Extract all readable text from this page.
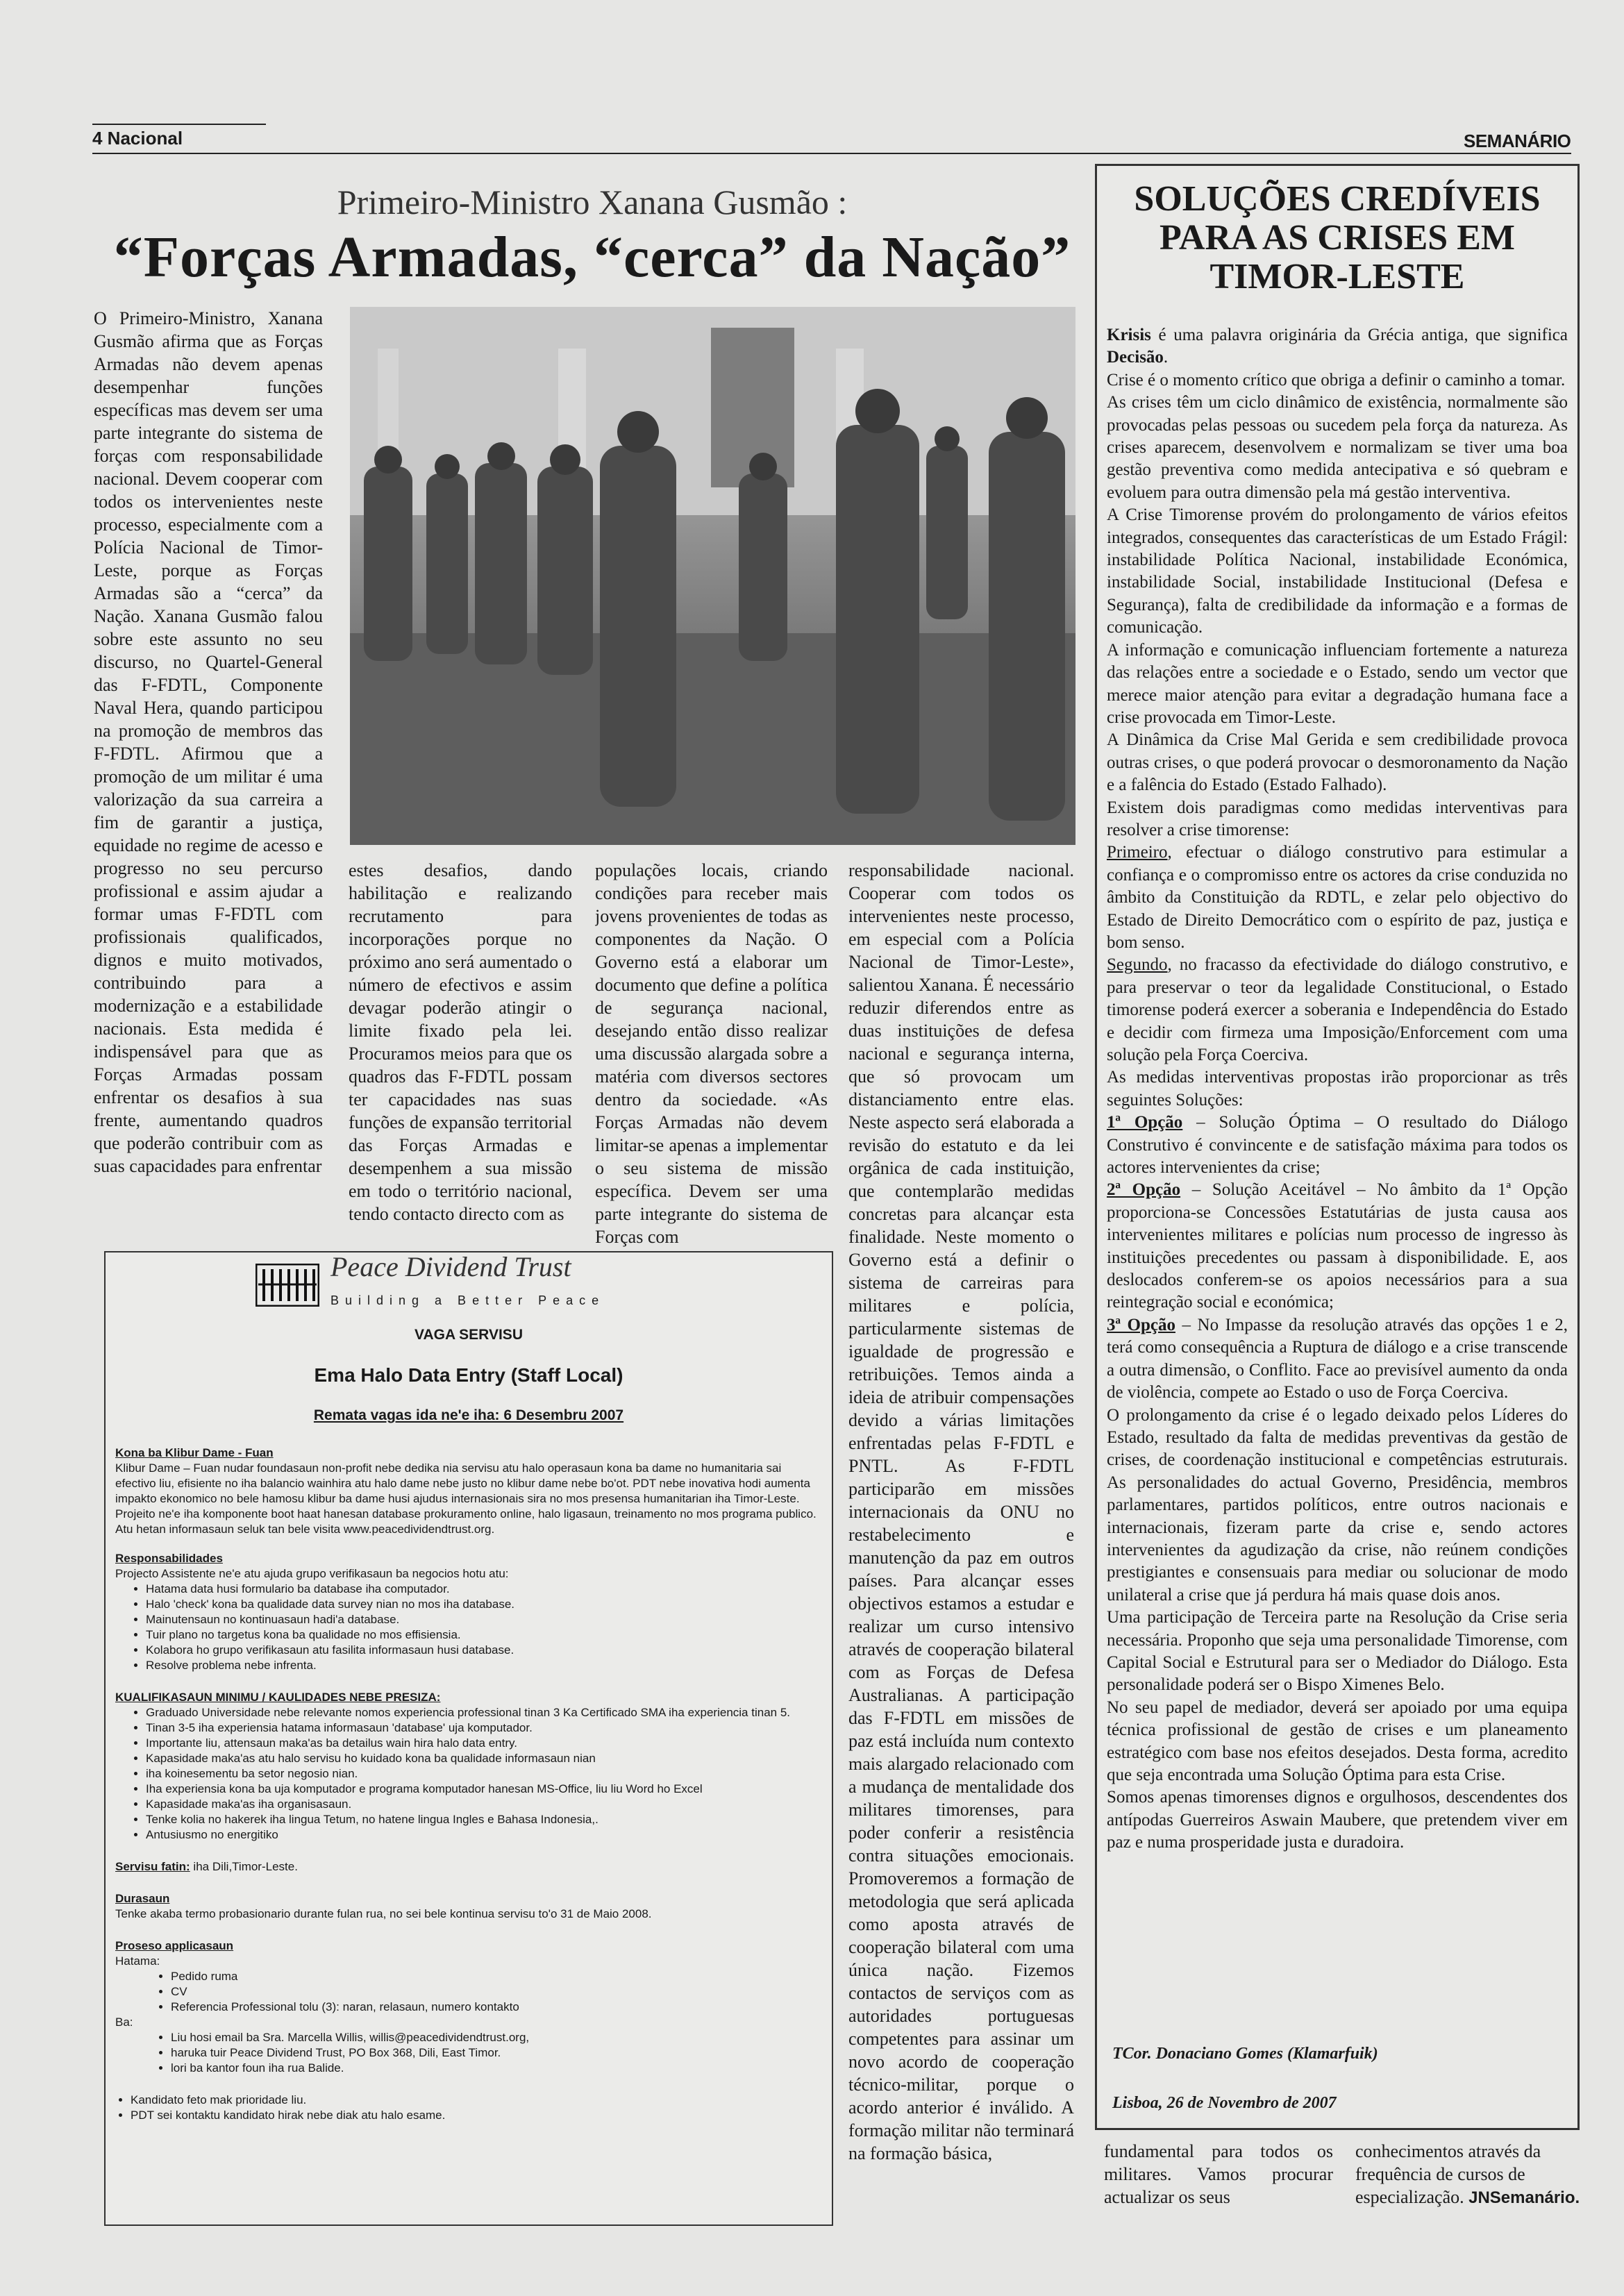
4 Nacional	SEMANÁRIO
Primeiro-Ministro Xanana Gusmão :
“Forças Armadas, “cerca” da Nação”
O Primeiro-Ministro, Xanana Gusmão afirma que as Forças Armadas não devem apenas desempenhar funções específicas mas devem ser uma parte integrante do sistema de forças com responsabilidade nacional. Devem cooperar com todos os intervenientes neste processo, especialmente com a Polícia Nacional de Timor-Leste, porque as Forças Armadas são a “cerca” da Nação. Xanana Gusmão falou sobre este assunto no seu discurso, no Quartel-General das F-FDTL, Componente Naval Hera, quando participou na promoção de membros das F-FDTL. Afirmou que a promoção de um militar é uma valorização da sua carreira a fim de garantir a justiça, equidade no regime de acesso e progresso no seu percurso profissional e assim ajudar a formar umas F-FDTL com profissionais qualificados, dignos e muito motivados, contribuindo para a modernização e a estabilidade nacionais. Esta medida é indispensável para que as Forças Armadas possam enfrentar os desafios à sua frente, aumentando quadros que poderão contribuir com as suas capacidades para enfrentar
estes desafios, dando habilitação e realizando recrutamento para incorporações porque no próximo ano será aumentado o número de efectivos e assim devagar poderão atingir o limite fixado pela lei. Procuramos meios para que os quadros das F-FDTL possam ter capacidades nas suas funções de expansão territorial das Forças Armadas e desempenhem a sua missão em todo o território nacional, tendo contacto directo com as
populações locais, criando condições para receber mais jovens provenientes de todas as componentes da Nação. O Governo está a elaborar um documento que define a política de segurança nacional, desejando então disso realizar uma discussão alargada sobre a matéria com diversos sectores dentro da sociedade. «As Forças Armadas não devem limitar-se apenas a implementar o seu sistema de missão específica. Devem ser uma parte integrante do sistema de Forças com
responsabilidade nacional. Cooperar com todos os intervenientes neste processo, em especial com a Polícia Nacional de Timor-Leste», salientou Xanana. É necessário reduzir diferendos entre as duas instituições de defesa nacional e segurança interna, que só provocam um distanciamento entre elas. Neste aspecto será elaborada a revisão do estatuto e da lei orgânica de cada instituição, que contemplarão medidas concretas para alcançar esta finalidade. Neste momento o Governo está a definir o sistema de carreiras para militares e polícia, particularmente sistemas de igualdade de progressão e retribuições. Temos ainda a ideia de atribuir compensações devido a várias limitações enfrentadas pelas F-FDTL e PNTL. As F-FDTL participarão em missões internacionais da ONU no restabelecimento e manutenção da paz em outros países. Para alcançar esses objectivos estamos a estudar e realizar um curso intensivo através de cooperação bilateral com as Forças de Defesa Australianas. A participação das F-FDTL em missões de paz está incluída num contexto mais alargado relacionado com a mudança de mentalidade dos militares timorenses, para poder conferir a resistência contra situações emocionais. Promoveremos a formação de metodologia que será aplicada como aposta através de cooperação bilateral com uma única nação. Fizemos contactos de serviços com as autoridades portuguesas competentes para assinar um novo acordo de cooperação técnico-militar, porque o acordo anterior é inválido. A formação militar não terminará na formação básica,	fundamental para todos os militares. Vamos procurar actualizar os seus
conhecimentos através da frequência de cursos de especialização. JNSemanário.
SOLUÇÕES CREDÍVEIS
PARA AS CRISES EM
TIMOR-LESTE

Krisis é uma palavra originária da Grécia antiga, que significa Decisão.

Crise é o momento crítico que obriga a definir o caminho a tomar.

As crises têm um ciclo dinâmico de existência, normalmente são provocadas pelas pessoas ou sucedem pela força da natureza. As crises aparecem, desenvolvem e normalizam se tiver uma boa gestão preventiva como medida antecipativa e só quebram e evoluem para outra dimensão pela má gestão interventiva.

A Crise Timorense provém do prolongamento de vários efeitos integrados, consequentes das características de um Estado Frágil: instabilidade Política Nacional, instabilidade Económica, instabilidade Social, instabilidade Institucional (Defesa e Segurança), falta de credibilidade da informação e a formas de comunicação.

A informação e comunicação influenciam fortemente a natureza das relações entre a sociedade e o Estado, sendo um vector que merece maior atenção para evitar a degradação humana face a crise provocada em Timor-Leste.

A Dinâmica da Crise Mal Gerida e sem credibilidade provoca outras crises, o que poderá provocar o desmoronamento da Nação e a falência do Estado (Estado Falhado).

Existem dois paradigmas como medidas interventivas para resolver a crise timorense:

Primeiro, efectuar o diálogo construtivo para estimular a confiança e o compromisso entre os actores da crise conduzida no âmbito da Constituição da RDTL, e zelar pelo objectivo do Estado de Direito Democrático com o espírito de paz, justiça e bom senso.

Segundo, no fracasso da efectividade do diálogo construtivo, e para preservar o teor da legalidade Constitucional, o Estado timorense poderá exercer a soberania e Independência do Estado e decidir com firmeza uma Imposição/Enforcement com uma solução pela Força Coerciva.

As medidas interventivas propostas irão proporcionar as três seguintes Soluções:

1ª Opção – Solução Óptima – O resultado do Diálogo Construtivo é convincente e de satisfação máxima para todos os actores intervenientes da crise;

2ª Opção – Solução Aceitável – No âmbito da 1ª Opção proporciona-se Concessões Estatutárias de justa causa aos intervenientes militares e polícias num processo de ingresso às instituições precedentes ou passam à disponibilidade. E, aos deslocados conferem-se os apoios necessários para a sua reintegração social e económica;

3ª Opção – No Impasse da resolução através das opções 1 e 2, terá como consequência a Ruptura de diálogo e a crise transcende a outra dimensão, o Conflito. Face ao previsível aumento da onda de violência, compete ao Estado o uso de Força Coerciva.

O prolongamento da crise é o legado deixado pelos Líderes do Estado, resultado da falta de medidas preventivas da gestão de crises, de coordenação institucional e competências estruturais. As personalidades do actual Governo, Presidência, membros parlamentares, partidos políticos, entre outros nacionais e internacionais, fizeram parte da crise e, sendo actores intervenientes da agudização da crise, não reúnem condições prestigiantes e consensuais para mediar ou solucionar de modo unilateral a crise que já perdura há mais quase dois anos.

Uma participação de Terceira parte na Resolução da Crise seria necessária. Proponho que seja uma personalidade Timorense, com Capital Social e Estrutural para ser o Mediador do Diálogo. Esta personalidade poderá ser o Bispo Ximenes Belo.

No seu papel de mediador, deverá ser apoiado por uma equipa técnica profissional de gestão de crises e um planeamento estratégico com base nos efeitos desejados. Desta forma, acredito que seja encontrada uma Solução Óptima para esta Crise.

Somos apenas timorenses dignos e orgulhosos, descendentes dos antípodas Guerreiros Aswain Maubere, que pretendem viver em paz e numa prosperidade justa e duradoira.

TCor. Donaciano Gomes (Klamarfuik)
Lisboa, 26 de Novembro de 2007
Peace Dividend Trust
Building a Better Peace
VAGA SERVISU
Ema Halo Data Entry (Staff Local)
Remata vagas ida ne'e iha: 6 Desembru 2007

Kona ba Klibur Dame - Fuan

Klibur Dame – Fuan nudar foundasaun non-profit nebe dedika nia servisu atu halo operasaun kona ba dame no humanitaria sai efectivo liu, efisiente no iha balancio wainhira atu halo dame nebe justo no klibur dame nebe bo'ot. PDT nebe inovativa hodi aumenta impakto ekonomico no bele hamosu klibur ba dame husi ajudus internasionais sira no mos presensa humanitarian iha Timor-Leste. Projeito ne'e iha komponente boot haat hanesan database prokuramento online, halo ligasaun, treinamento no mos programa publico. Atu hetan informasaun seluk tan bele visita www.peacedividendtrust.org.

Responsabilidades

Projecto Assistente ne'e atu ajuda grupo verifikasaun ba negocios hotu atu:

• Hatama data husi formulario ba database iha computador.
• Halo 'check' kona ba qualidade data survey nian no mos iha database.
• Mainutensaun no kontinuasaun hadi'a database.
• Tuir plano no targetus kona ba qualidade no mos effisiensia.
• Kolabora ho grupo verifikasaun atu fasilita informasaun husi database.
• Resolve problema nebe infrenta.

KUALIFIKASAUN MINIMU / KAULIDADES NEBE PRESIZA:

• Graduado Universidade nebe relevante nomos experiencia professional tinan 3 Ka Certificado SMA iha experiencia tinan 5.
• Tinan 3-5 iha experiensia hatama informasaun 'database' uja komputador.
• Importante liu, attensaun maka'as ba detailus wain hira halo data entry.
• Kapasidade maka'as atu halo servisu ho kuidado kona ba qualidade informasaun nian
• iha koinesementu ba setor negosio nian.
• Iha experiensia kona ba uja komputador e programa komputador hanesan MS-Office, liu liu Word ho Excel
• Kapasidade maka'as iha organisasaun.
• Tenke kolia no hakerek iha lingua Tetum, no hatene lingua Ingles e Bahasa Indonesia,.
• Antusiusmo no energitiko

Servisu fatin: iha Dili,Timor-Leste.

Durasaun

Tenke akaba termo probasionario durante fulan rua, no sei bele kontinua servisu to'o 31 de Maio 2008.

Proseso applicasaun

Hatama:

• Pedido ruma
• CV
• Referencia Professional tolu (3): naran, relasaun, numero kontakto

Ba:

• Liu hosi email ba Sra. Marcella Willis, willis@peacedividendtrust.org,
• haruka tuir Peace Dividend Trust, PO Box 368, Dili, East Timor.
• lori ba kantor foun iha rua Balide.
• Kandidato feto mak prioridade liu.
• PDT sei kontaktu kandidato hirak nebe diak atu halo esame.
